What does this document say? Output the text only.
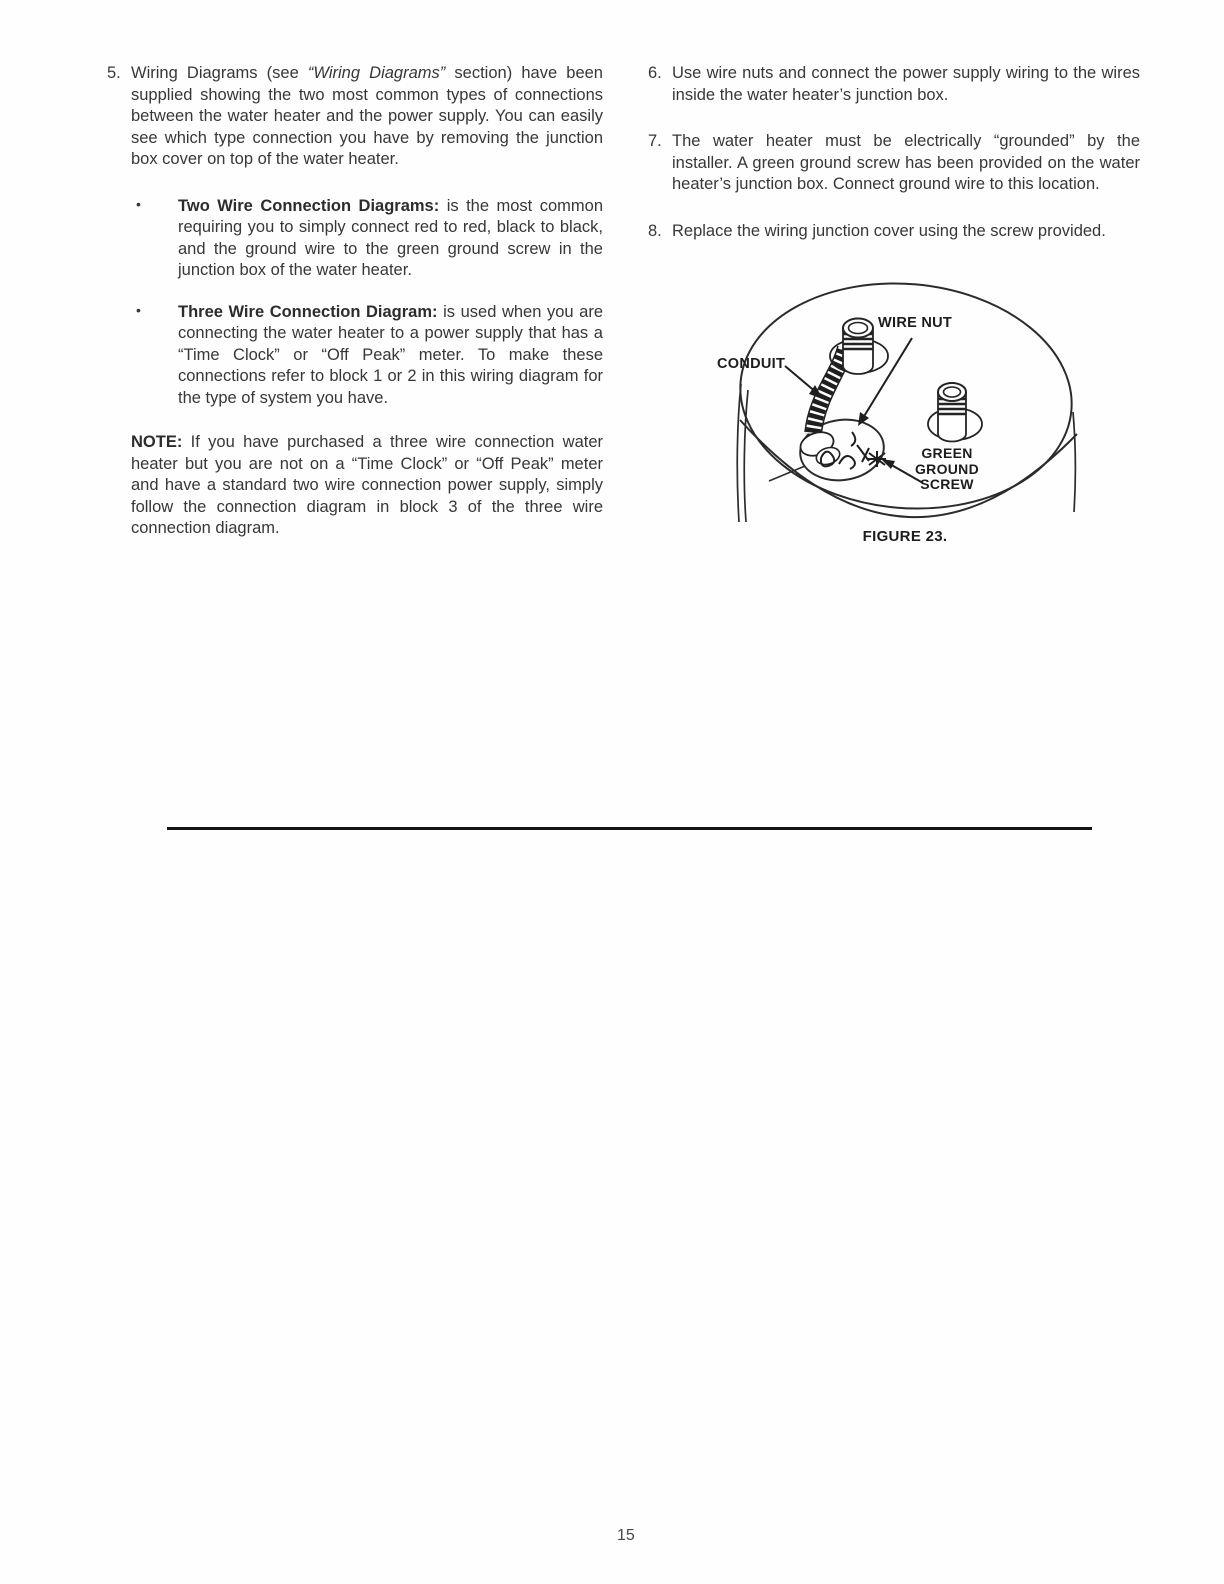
5. Wiring Diagrams (see “Wiring Diagrams” section) have been supplied showing the two most common types of connections between the water heater and the power supply. You can easily see which type connection you have by removing the junction box cover on top of the water heater.
• Two Wire Connection Diagrams: is the most common requiring you to simply connect red to red, black to black, and the ground wire to the green ground screw in the junction box of the water heater.
• Three Wire Connection Diagram: is used when you are connecting the water heater to a power supply that has a “Time Clock” or “Off Peak” meter. To make these connections refer to block 1 or 2 in this wiring diagram for the type of system you have.
NOTE: If you have purchased a three wire connection water heater but you are not on a “Time Clock” or “Off Peak” meter and have a standard two wire connection power supply, simply follow the connection diagram in block 3 of the three wire connection diagram.
6. Use wire nuts and connect the power supply wiring to the wires inside the water heater’s junction box.
7. The water heater must be electrically “grounded” by the installer. A green ground screw has been provided on the water heater’s junction box. Connect ground wire to this location.
8. Replace the wiring junction cover using the screw provided.
WIRE NUT
CONDUIT
GREEN
GROUND
SCREW
FIGURE 23.
15
